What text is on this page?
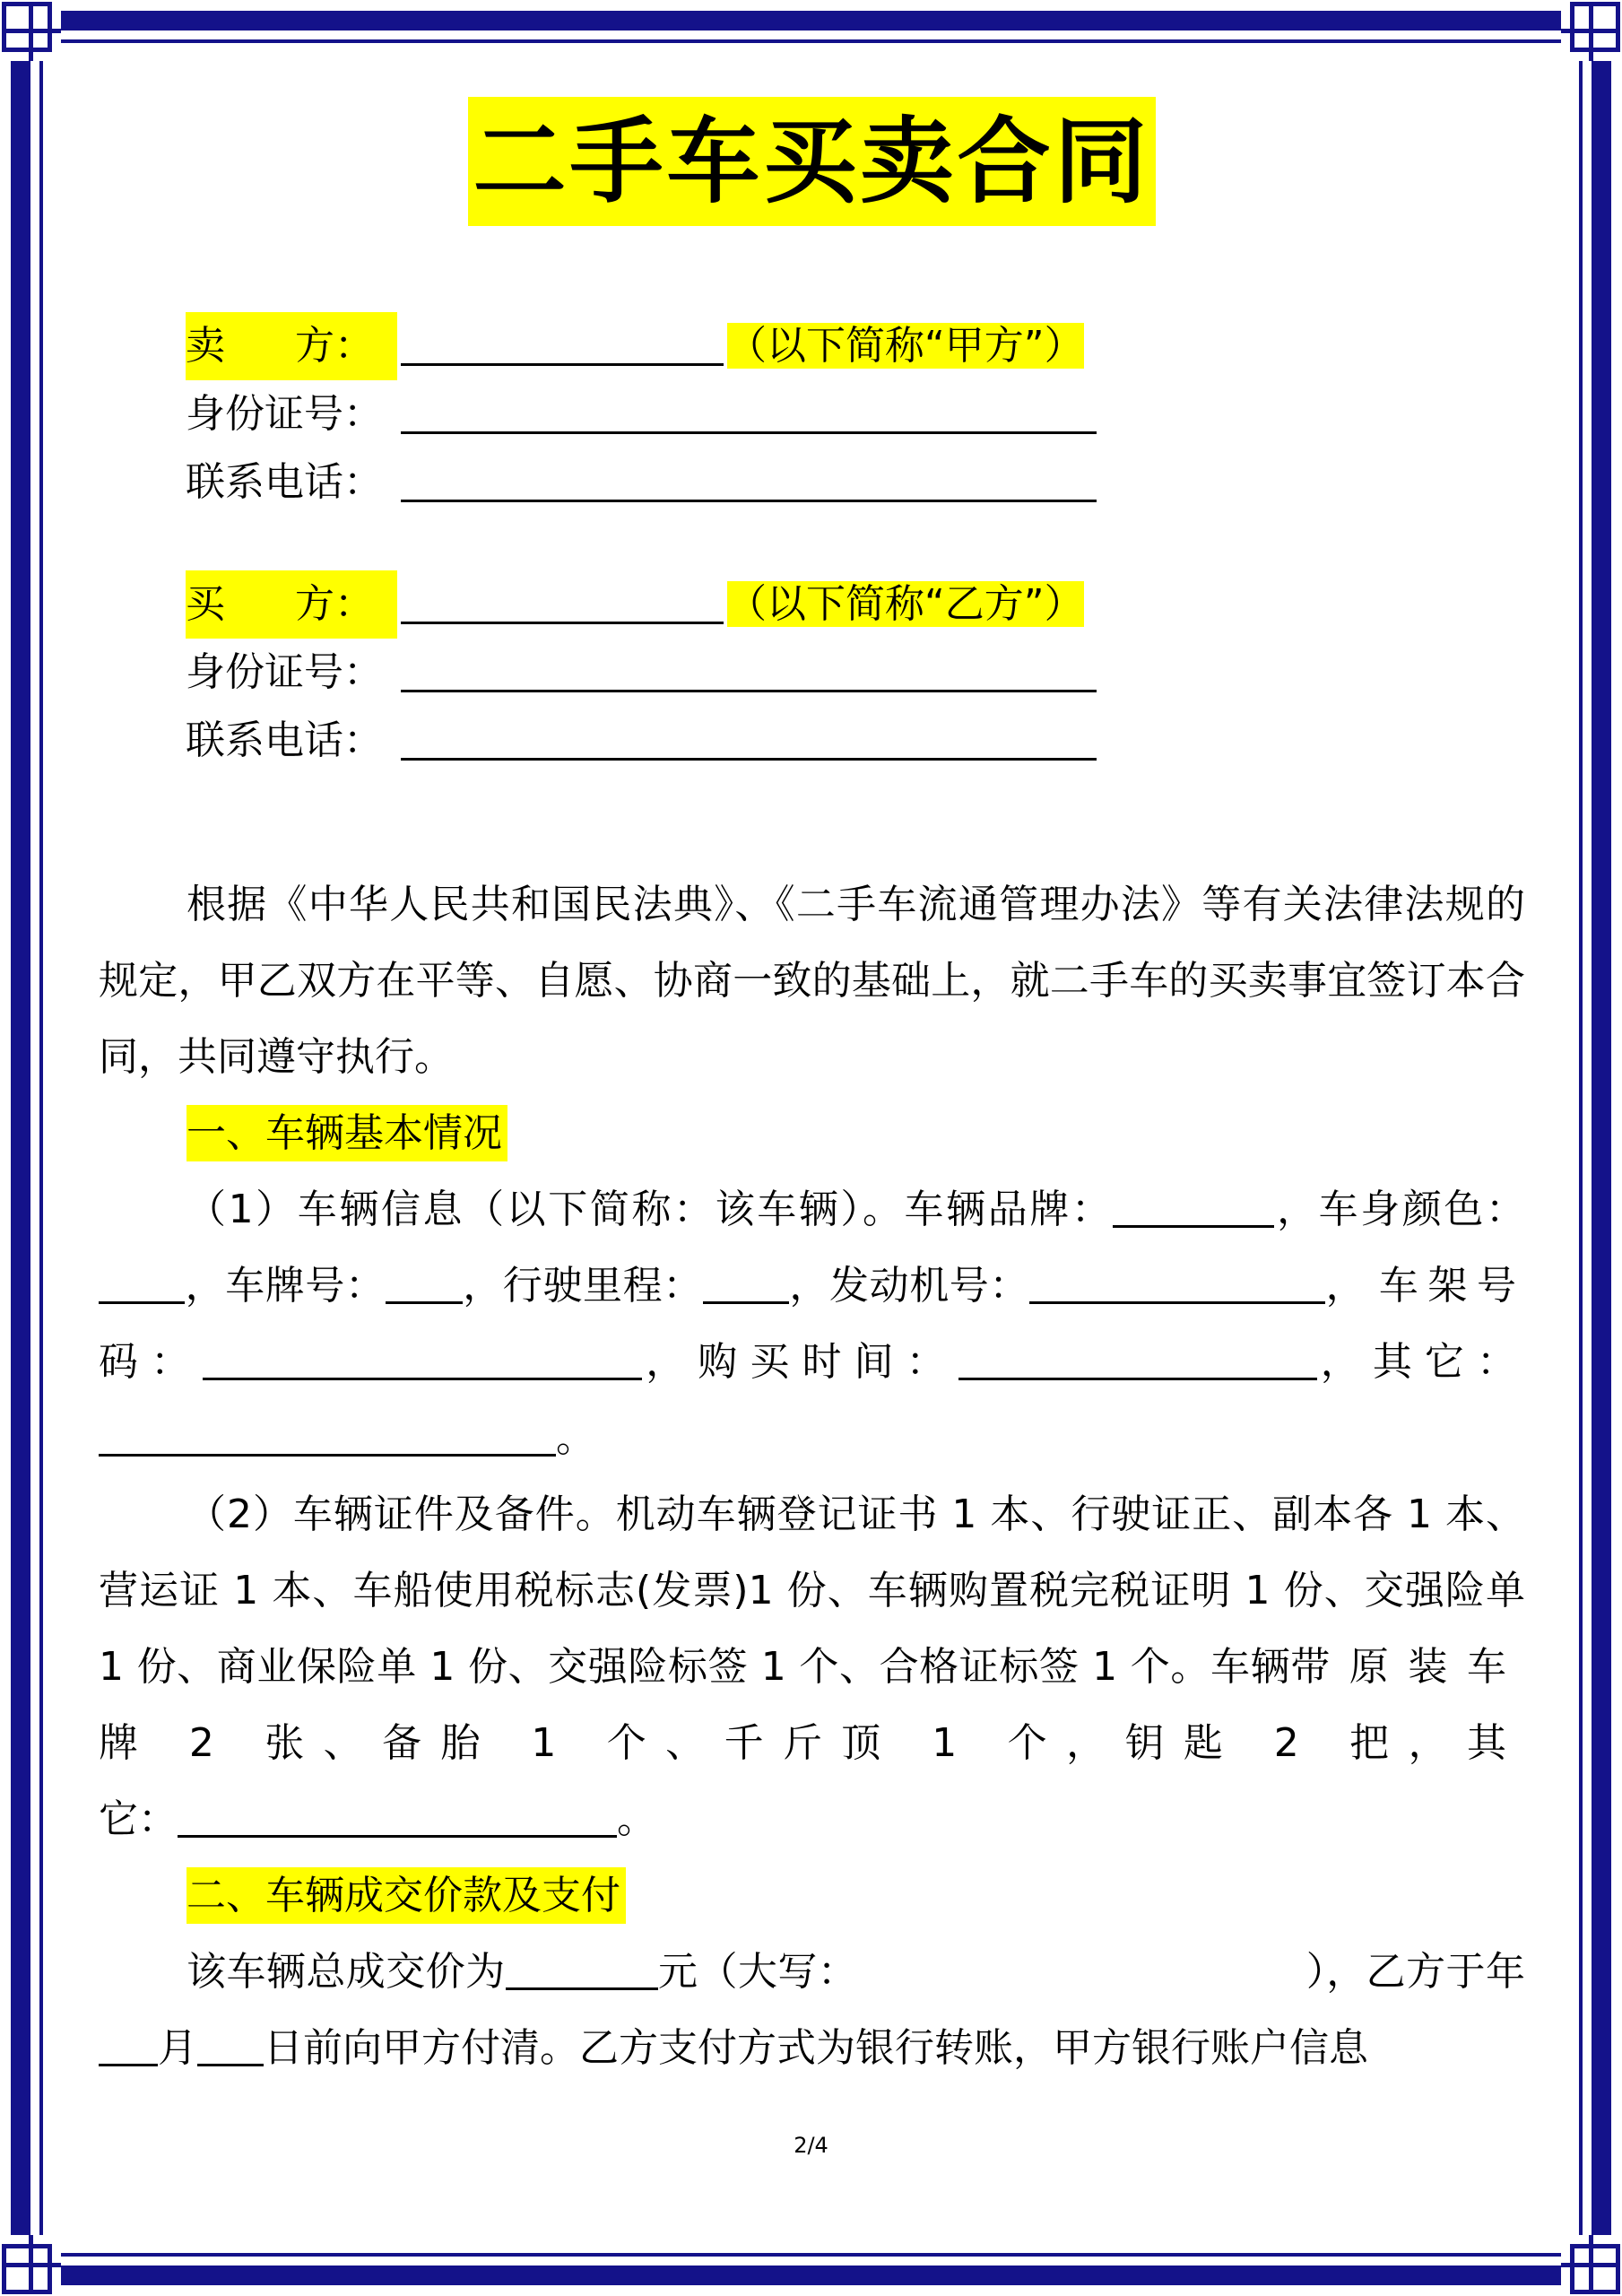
二手车买卖合同
卖 方：	（以下简称“甲方”）
身份证号：
联系电话：
买 方：	（以下简称“乙方”）
身份证号：
联系电话：

根据《中华人民共和国民法典》、《二手车流通管理办法》等有关法律法规的规定，甲乙双方在平等、自愿、协商一致的基础上，就二手车的买卖事宜签订本合同，共同遵守执行。

一、车辆基本情况

（1）车辆信息（以下简称：该车辆）。车辆品牌：	，车身颜色：，车牌号： ，行驶里程： ，发动机号：	， 车架号码：	，购买时间：	，其它：。

（2）车辆证件及备件。机动车辆登记证书 1 本、行驶证正、副本各 1 本、营运证 1 本、车船使用税标志(发票)1 份、车辆购置税完税证明 1 份、交强险单 1 份、商业保险单 1 份、交强险标签 1 个、合格证标签 1 个。车辆带原装车牌 2 张、备胎 1 个、千斤顶 1 个，钥匙 2 把，其它：	。

二、车辆成交价款及支付

该车辆总成交价为	元（大写：	），乙方于年月 日前向甲方付清。乙方支付方式为银行转账，甲方银行账户信息

2/4
